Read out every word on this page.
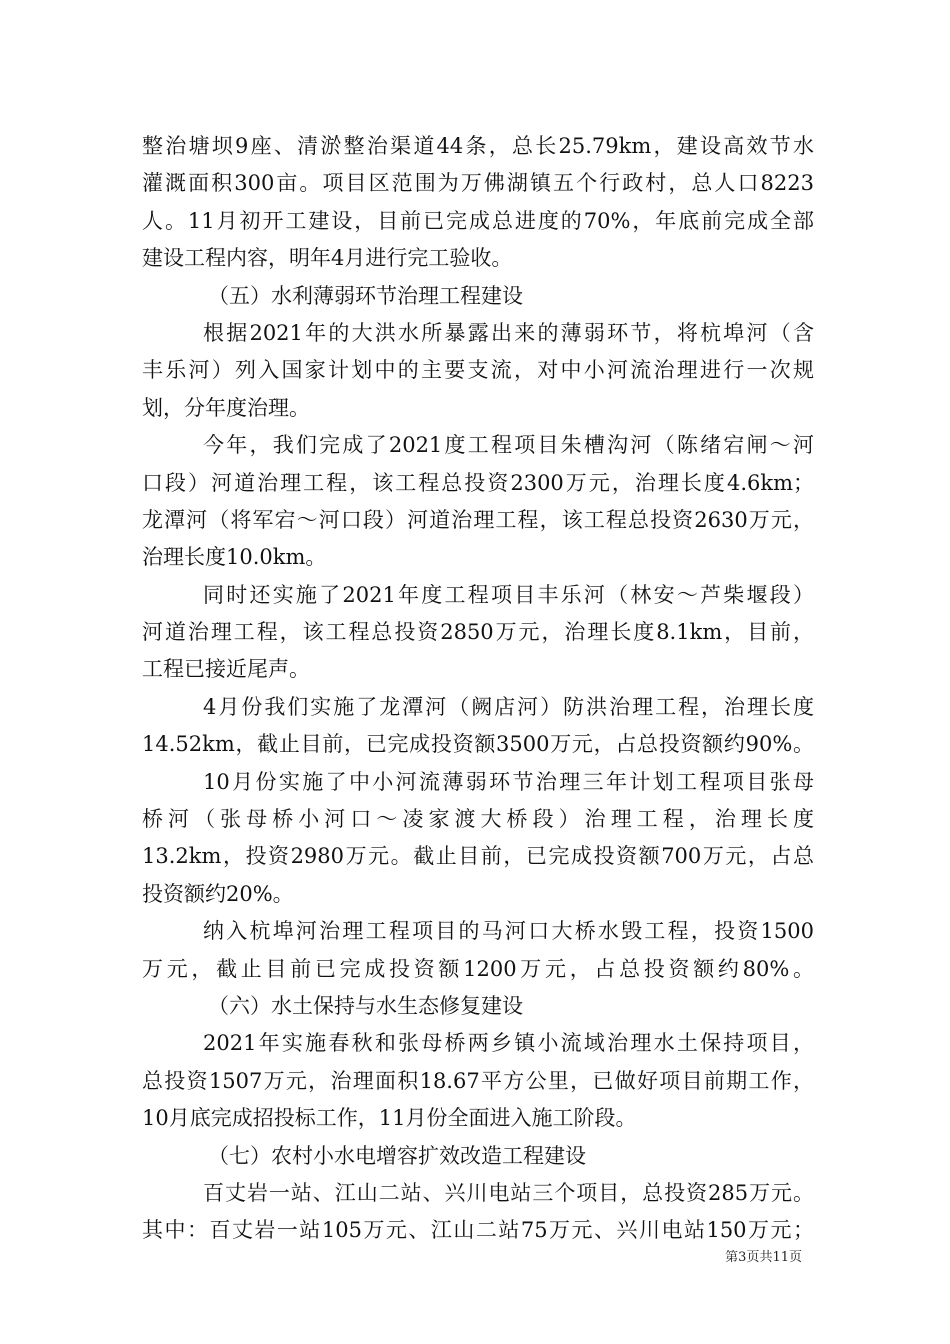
整治塘坝9座、清淤整治渠道44条，总长25.79km，建设高效节水
灌溉面积300亩。项目区范围为万佛湖镇五个行政村，总人口8223
人。11月初开工建设，目前已完成总进度的70%，年底前完成全部
建设工程内容，明年4月进行完工验收。
（五）水利薄弱环节治理工程建设
根据2021年的大洪水所暴露出来的薄弱环节，将杭埠河（含
丰乐河）列入国家计划中的主要支流，对中小河流治理进行一次规
划，分年度治理。
今年，我们完成了2021度工程项目朱槽沟河（陈绪宕闸～河
口段）河道治理工程，该工程总投资2300万元，治理长度4.6km；
龙潭河（将军宕～河口段）河道治理工程，该工程总投资2630万元，
治理长度10.0km。
同时还实施了2021年度工程项目丰乐河（林安～芦柴堰段）
河道治理工程，该工程总投资2850万元，治理长度8.1km，目前，
工程已接近尾声。
4月份我们实施了龙潭河（阙店河）防洪治理工程，治理长度
14.52km，截止目前，已完成投资额3500万元，占总投资额约90%。
10月份实施了中小河流薄弱环节治理三年计划工程项目张母
桥河（张母桥小河口～凌家渡大桥段）治理工程，治理长度
13.2km，投资2980万元。截止目前，已完成投资额700万元，占总
投资额约20%。
纳入杭埠河治理工程项目的马河口大桥水毁工程，投资1500
万元，截止目前已完成投资额1200万元，占总投资额约80%。
（六）水土保持与水生态修复建设
2021年实施春秋和张母桥两乡镇小流域治理水土保持项目，
总投资1507万元，治理面积18.67平方公里，已做好项目前期工作，
10月底完成招投标工作，11月份全面进入施工阶段。
（七）农村小水电增容扩效改造工程建设
百丈岩一站、江山二站、兴川电站三个项目，总投资285万元。
其中：百丈岩一站105万元、江山二站75万元、兴川电站150万元；
第3页共11页
